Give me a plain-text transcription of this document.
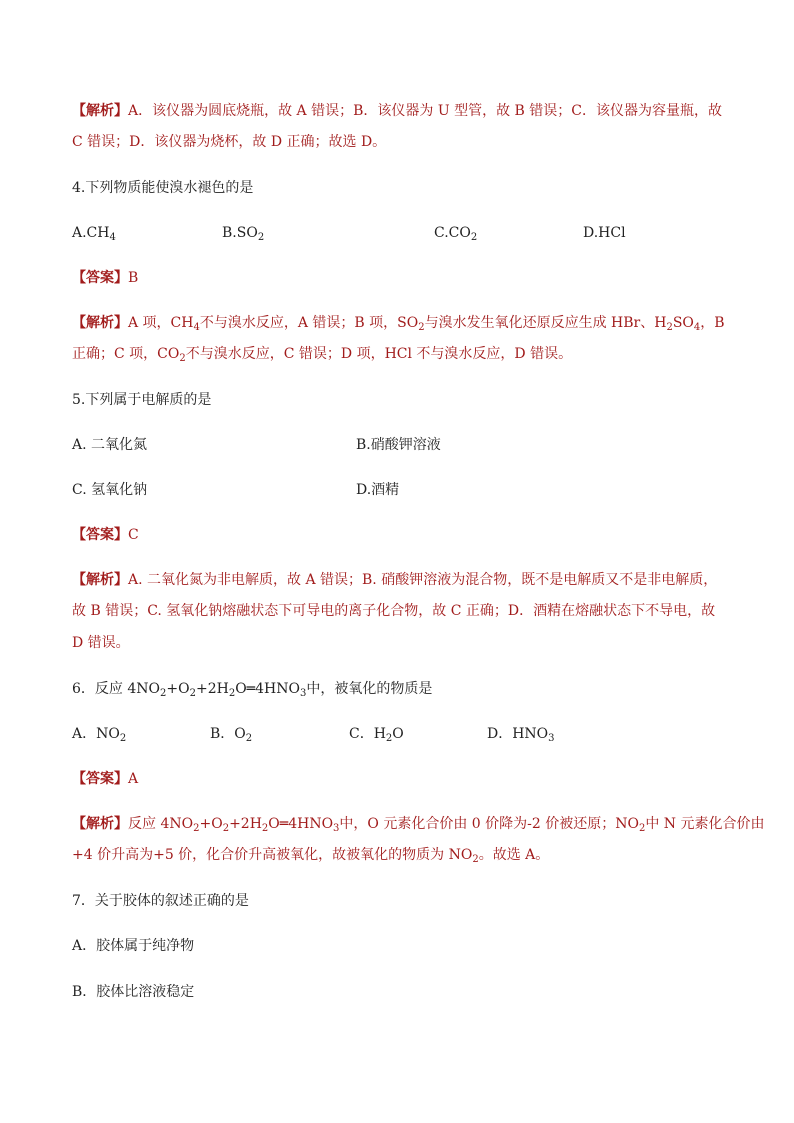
【解析】A．该仪器为圆底烧瓶，故 A 错误；B．该仪器为 U 型管，故 B 错误；C．该仪器为容量瓶，故
C 错误；D．该仪器为烧杯，故 D 正确；故选 D。
4.下列物质能使溴水褪色的是
$A.CH_4$	$B.SO_2$	$C.CO_2$	D.HCl
【答案】B
【解析】A 项，$CH_4$不与溴水反应，A 错误；B 项，$SO_2$与溴水发生氧化还原反应生成 HBr、$H_2SO_4$，B
正确；C 项，$CO_2$不与溴水反应，C 错误；D 项，HCl 不与溴水反应，D 错误。
5.下列属于电解质的是
A. 二氧化氮	B.硝酸钾溶液
C. 氢氧化钠	D.酒精
【答案】C
【解析】A. 二氧化氮为非电解质，故 A 错误；B. 硝酸钾溶液为混合物，既不是电解质又不是非电解质，
故 B 错误；C. 氢氧化钠熔融状态下可导电的离子化合物，故 C 正确；D．酒精在熔融状态下不导电，故
D 错误。
6．反应 $4NO_2+O_2+2H_2O═4HNO_3$中，被氧化的物质是
A．$NO_2$	B．$O_2$	C．$H_2O$	D．$HNO_3$
【答案】A
【解析】反应 $4NO_2+O_2+2H_2O═4HNO_3$中，O 元素化合价由 0 价降为-2 价被还原；$NO_2$中 N 元素化合价由
+4 价升高为+5 价，化合价升高被氧化，故被氧化的物质为 $NO_2$。故选 A。
7．关于胶体的叙述正确的是
A．胶体属于纯净物
B．胶体比溶液稳定
